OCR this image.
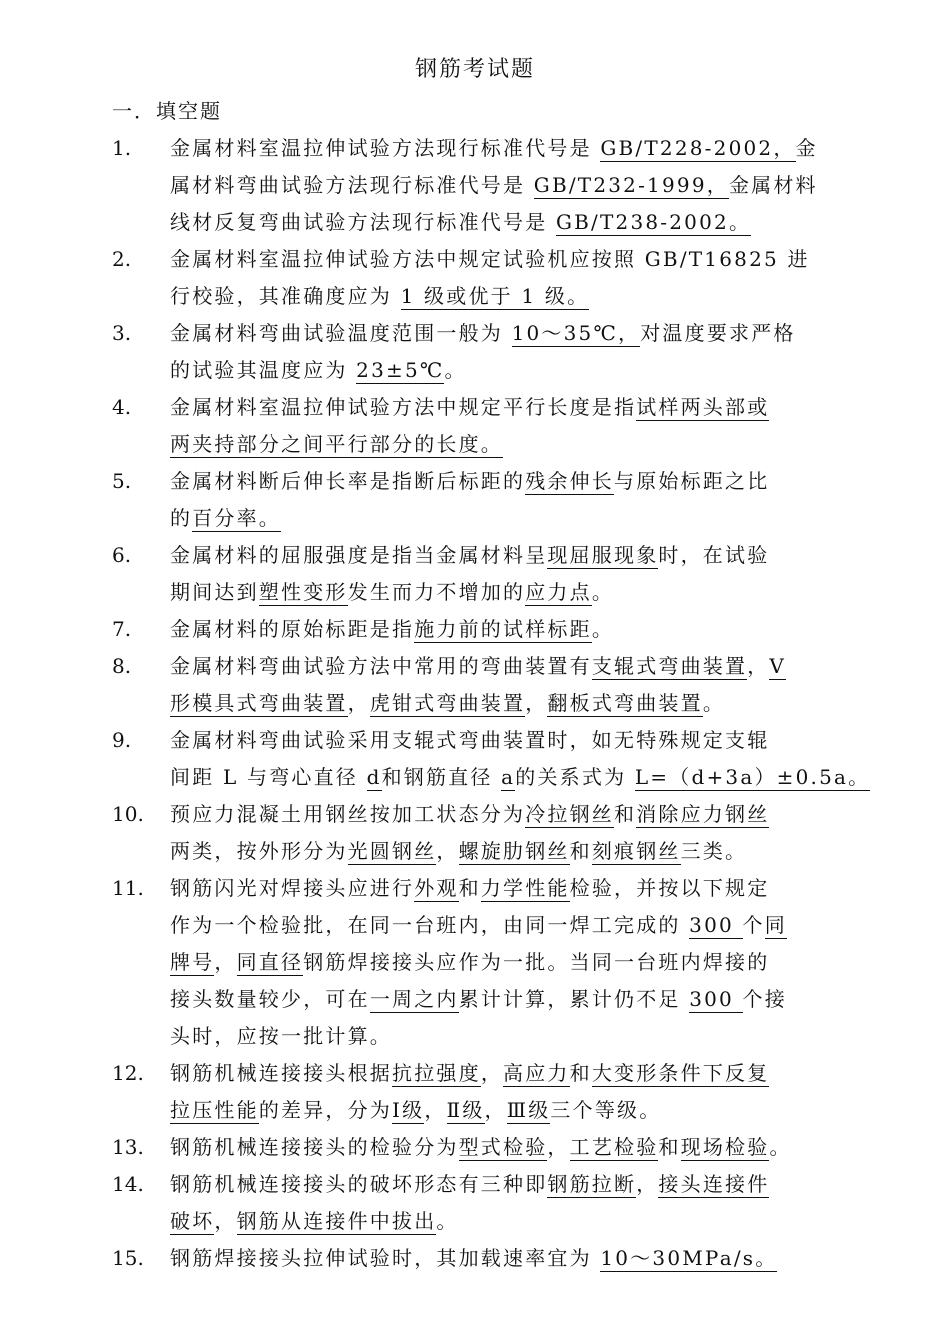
钢筋考试题
一．填空题
1.	金属材料室温拉伸试验方法现行标准代号是 GB/T228-2002，金
属材料弯曲试验方法现行标准代号是 GB/T232-1999，金属材料
线材反复弯曲试验方法现行标准代号是 GB/T238-2002。
2.	金属材料室温拉伸试验方法中规定试验机应按照 GB/T16825 进
行校验，其准确度应为 1 级或优于 1 级。
3.	金属材料弯曲试验温度范围一般为 10～35℃，对温度要求严格
的试验其温度应为 23±5℃。
4.	金属材料室温拉伸试验方法中规定平行长度是指试样两头部或
两夹持部分之间平行部分的长度。
5.	金属材料断后伸长率是指断后标距的残余伸长与原始标距之比
的百分率。
6.	金属材料的屈服强度是指当金属材料呈现屈服现象时，在试验
期间达到塑性变形发生而力不增加的应力点。
7.	金属材料的原始标距是指施力前的试样标距。
8.	金属材料弯曲试验方法中常用的弯曲装置有支辊式弯曲装置，V
形模具式弯曲装置，虎钳式弯曲装置，翻板式弯曲装置。
9.	金属材料弯曲试验采用支辊式弯曲装置时，如无特殊规定支辊
间距 L 与弯心直径 d和钢筋直径 a的关系式为 L=（d+3a）±0.5a。
10.	预应力混凝土用钢丝按加工状态分为冷拉钢丝和消除应力钢丝
两类，按外形分为光圆钢丝，螺旋肋钢丝和刻痕钢丝三类。
11.	钢筋闪光对焊接头应进行外观和力学性能检验，并按以下规定
作为一个检验批，在同一台班内，由同一焊工完成的 300 个同
牌号，同直径钢筋焊接接头应作为一批。当同一台班内焊接的
接头数量较少，可在一周之内累计计算，累计仍不足 300 个接
头时，应按一批计算。
12.	钢筋机械连接接头根据抗拉强度，高应力和大变形条件下反复
拉压性能的差异，分为Ⅰ级，Ⅱ级，Ⅲ级三个等级。
13.	钢筋机械连接接头的检验分为型式检验，工艺检验和现场检验。
14.	钢筋机械连接接头的破坏形态有三种即钢筋拉断，接头连接件
破坏，钢筋从连接件中拔出。
15.	钢筋焊接接头拉伸试验时，其加载速率宜为 10～30MPa/s。
